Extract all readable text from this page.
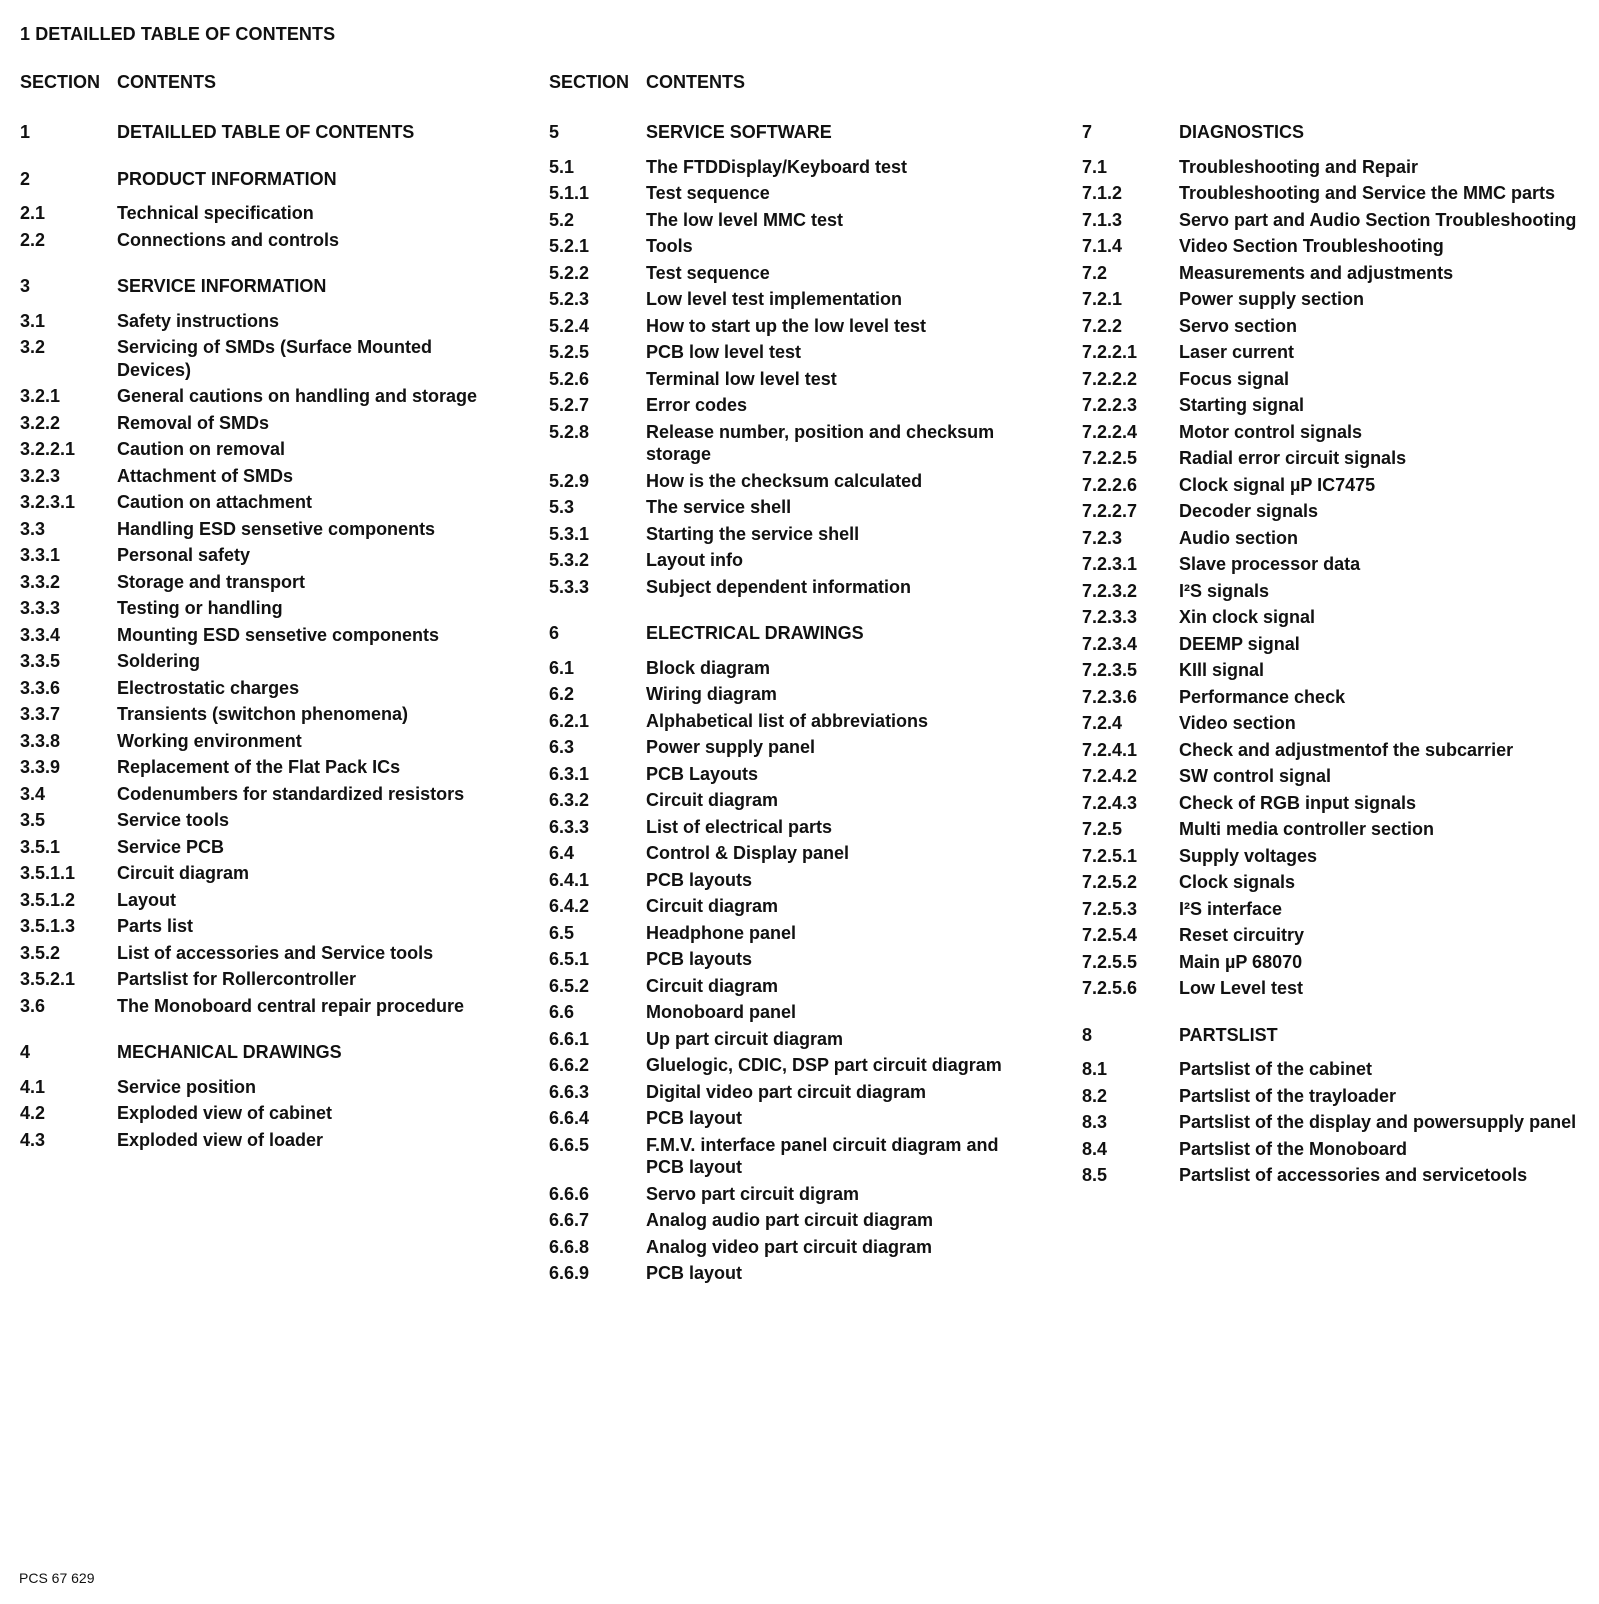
1 DETAILLED TABLE OF CONTENTS
SECTION CONTENTS
1	DETAILLED TABLE OF CONTENTS
2	PRODUCT INFORMATION
2.1	Technical specification
2.2	Connections and controls
3	SERVICE INFORMATION
3.1	Safety instructions
3.2	Servicing of SMDs (Surface Mounted Devices)
3.2.1	General cautions on handling and storage
3.2.2	Removal of SMDs
3.2.2.1	Caution on removal
3.2.3	Attachment of SMDs
3.2.3.1	Caution on attachment
3.3	Handling ESD sensetive components
3.3.1	Personal safety
3.3.2	Storage and transport
3.3.3	Testing or handling
3.3.4	Mounting ESD sensetive components
3.3.5	Soldering
3.3.6	Electrostatic charges
3.3.7	Transients (switchon phenomena)
3.3.8	Working environment
3.3.9	Replacement of the Flat Pack ICs
3.4	Codenumbers for standardized resistors
3.5	Service tools
3.5.1	Service PCB
3.5.1.1	Circuit diagram
3.5.1.2	Layout
3.5.1.3	Parts list
3.5.2	List of accessories and Service tools
3.5.2.1	Partslist for Rollercontroller
3.6	The Monoboard central repair procedure
4	MECHANICAL DRAWINGS
4.1	Service position
4.2	Exploded view of cabinet
4.3	Exploded view of loader
SECTION CONTENTS
5	SERVICE SOFTWARE
5.1	The FTDDisplay/Keyboard test
5.1.1	Test sequence
5.2	The low level MMC test
5.2.1	Tools
5.2.2	Test sequence
5.2.3	Low level test implementation
5.2.4	How to start up the low level test
5.2.5	PCB low level test
5.2.6	Terminal low level test
5.2.7	Error codes
5.2.8	Release number, position and checksum storage
5.2.9	How is the checksum calculated
5.3	The service shell
5.3.1	Starting the service shell
5.3.2	Layout info
5.3.3	Subject dependent information
6	ELECTRICAL DRAWINGS
6.1	Block diagram
6.2	Wiring diagram
6.2.1	Alphabetical list of abbreviations
6.3	Power supply panel
6.3.1	PCB Layouts
6.3.2	Circuit diagram
6.3.3	List of electrical parts
6.4	Control & Display panel
6.4.1	PCB layouts
6.4.2	Circuit diagram
6.5	Headphone panel
6.5.1	PCB layouts
6.5.2	Circuit diagram
6.6	Monoboard panel
6.6.1	Up part circuit diagram
6.6.2	Gluelogic, CDIC, DSP part circuit diagram
6.6.3	Digital video part circuit diagram
6.6.4	PCB layout
6.6.5	F.M.V. interface panel circuit diagram and PCB layout
6.6.6	Servo part circuit digram
6.6.7	Analog audio part circuit diagram
6.6.8	Analog video part circuit diagram
6.6.9	PCB layout
7	DIAGNOSTICS
7.1	Troubleshooting and Repair
7.1.2	Troubleshooting and Service the MMC parts
7.1.3	Servo part and Audio Section Troubleshooting
7.1.4	Video Section Troubleshooting
7.2	Measurements and adjustments
7.2.1	Power supply section
7.2.2	Servo section
7.2.2.1	Laser current
7.2.2.2	Focus signal
7.2.2.3	Starting signal
7.2.2.4	Motor control signals
7.2.2.5	Radial error circuit signals
7.2.2.6	Clock signal µP IC7475
7.2.2.7	Decoder signals
7.2.3	Audio section
7.2.3.1	Slave processor data
7.2.3.2	I²S signals
7.2.3.3	Xin clock signal
7.2.3.4	DEEMP signal
7.2.3.5	KIll signal
7.2.3.6	Performance check
7.2.4	Video section
7.2.4.1	Check and adjustmentof the subcarrier
7.2.4.2	SW control signal
7.2.4.3	Check of RGB input signals
7.2.5	Multi media controller section
7.2.5.1	Supply voltages
7.2.5.2	Clock signals
7.2.5.3	I²S interface
7.2.5.4	Reset circuitry
7.2.5.5	Main µP 68070
7.2.5.6	Low Level test
8	PARTSLIST
8.1	Partslist of the cabinet
8.2	Partslist of the trayloader
8.3	Partslist of the display and powersupply panel
8.4	Partslist of the Monoboard
8.5	Partslist of accessories and servicetools
PCS 67 629
